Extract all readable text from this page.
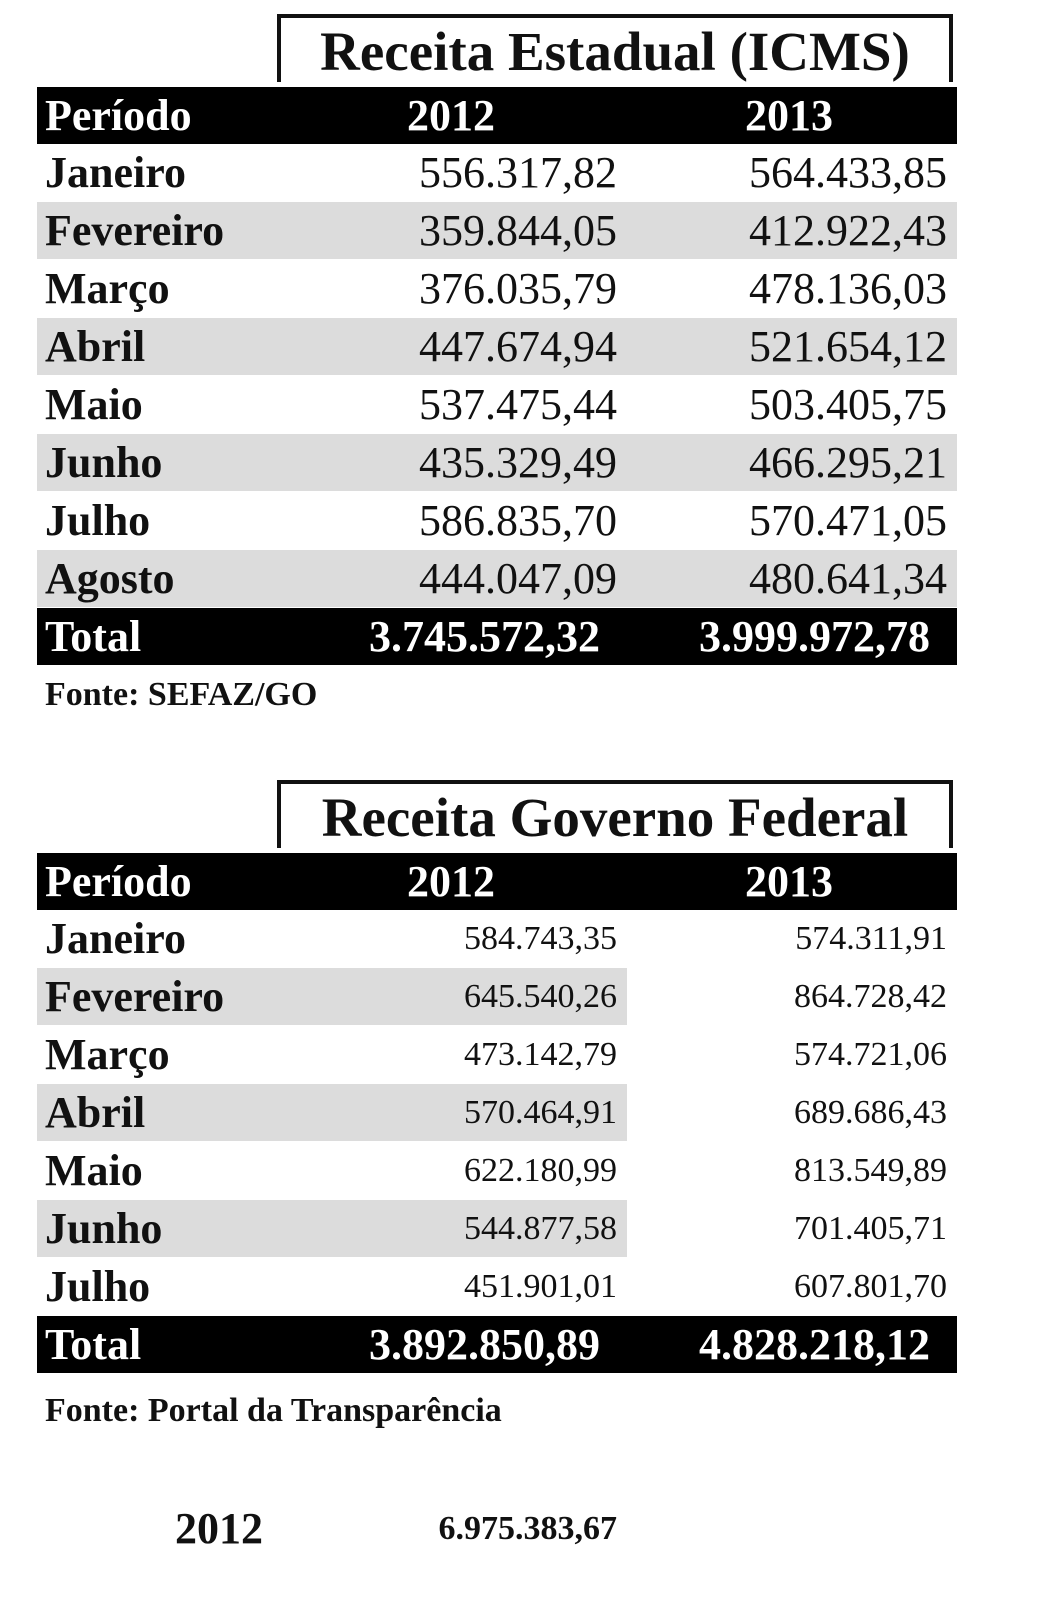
Receita Estadual (ICMS)
Período	2012	2013
Janeiro	556.317,82	564.433,85
Fevereiro	359.844,05	412.922,43
Março	376.035,79	478.136,03
Abril	447.674,94	521.654,12
Maio	537.475,44	503.405,75
Junho	435.329,49	466.295,21
Julho	586.835,70	570.471,05
Agosto	444.047,09	480.641,34
Total	3.745.572,32 3.999.972,78
Fonte: SEFAZ/GO
Receita Governo Federal
Período	2012	2013
Janeiro	584.743,35	574.311,91
Fevereiro	645.540,26	864.728,42
Março	473.142,79	574.721,06
Abril	570.464,91	689.686,43
Maio	622.180,99	813.549,89
Junho	544.877,58	701.405,71
Julho	451.901,01	607.801,70
Total	3.892.850,89 4.828.218,12
Fonte: Portal da Transparência
2012	6.975.383,67
